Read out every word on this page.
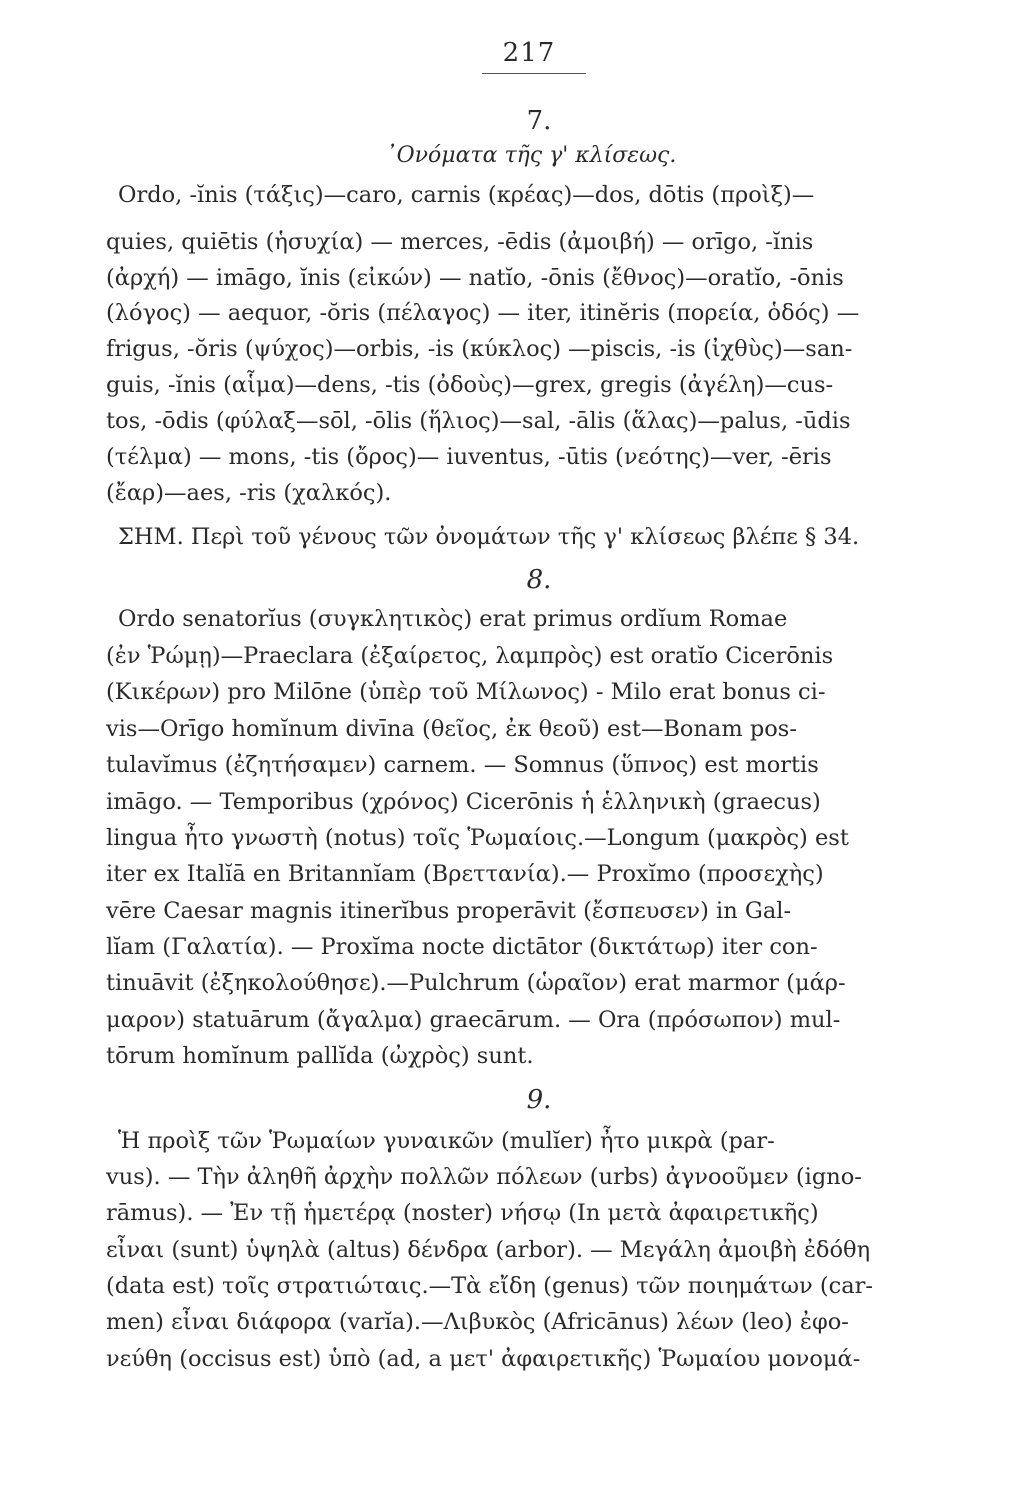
217
7.
᾿Ονόματα τῆς γ' κλίσεως.
Ordo, -ĭnis (τάξις)—caro, carnis (κρέας)—dos, dōtis (προὶξ)—
quies, quiētis (ἡσυχία) — merces, -ēdis (ἀμοιβή) — orīgo, -ĭnis
(ἀρχή) — imāgo, ĭnis (εἰκών) — natĭo, -ōnis (ἔθνος)—oratĭo, -ōnis
(λόγος) — aequor, -ŏris (πέλαγος) — iter, itinĕris (πορεία, ὁδός) —
frigus, -ŏris (ψύχος)—orbis, -is (κύκλος) —piscis, -is (ἰχθὺς)—san-
guis, -ĭnis (αἷμα)—dens, -tis (ὀδοὺς)—grex, gregis (ἀγέλη)—cus-
tos, -ōdis (φύλαξ—sōl, -ōlis (ἥλιος)—sal, -ālis (ἅλας)—palus, -ūdis
(τέλμα) — mons, -tis (ὄρος)— iuventus, -ūtis (νεότης)—ver, -ēris
(ἔαρ)—aes, -ris (χαλκός).
ΣΗΜ. Περὶ τοῦ γένους τῶν ὀνομάτων τῆς γ' κλίσεως βλέπε § 34.
8.
Ordo senatorĭus (συγκλητικὸς) erat primus ordĭum Romae
(ἐν Ῥώμῃ)—Praeclara (ἐξαίρετος, λαμπρὸς) est oratĭo Cicerōnis
(Κικέρων) pro Milōne (ὑπὲρ τοῦ Μίλωνος) - Milo erat bonus ci-
vis—Orīgo homĭnum divīna (θεῖος, ἐκ θεοῦ) est—Bonam pos-
tulavĭmus (ἐζητήσαμεν) carnem. — Somnus (ὕπνος) est mortis
imāgo. — Temporibus (χρόνος) Cicerōnis ἡ ἑλληνικὴ (graecus)
lingua ἦτο γνωστὴ (notus) τοῖς Ῥωμαίοις.—Longum (μακρὸς) est
iter ex Italĭā en Britannĭam (Βρεττανία).— Proxĭmo (προσεχὴς)
vēre Caesar magnis itinerĭbus properāvit (ἔσπευσεν) in Gal-
lĭam (Γαλατία). — Proxĭma nocte dictātor (δικτάτωρ) iter con-
tinuāvit (ἐξηκολούθησε).—Pulchrum (ὡραῖον) erat marmor (μάρ-
μαρον) statuārum (ἄγαλμα) graecārum. — Ora (πρόσωπον) mul-
tōrum homĭnum pallĭda (ὠχρὸς) sunt.
9.
Ἡ προὶξ τῶν Ῥωμαίων γυναικῶν (mulĭer) ἦτο μικρὰ (par-
vus). — Τὴν ἀληθῆ ἀρχὴν πολλῶν πόλεων (urbs) ἀγνοοῦμεν (igno-
rāmus). — Ἐν τῇ ἡμετέρᾳ (noster) νήσῳ (In μετὰ ἀφαιρετικῆς)
εἶναι (sunt) ὑψηλὰ (altus) δένδρα (arbor). — Μεγάλη ἀμοιβὴ ἐδόθη
(data est) τοῖς στρατιώταις.—Τὰ εἴδη (genus) τῶν ποιημάτων (car-
men) εἶναι διάφορα (varĭa).—Λιβυκὸς (Africānus) λέων (leo) ἐφο-
νεύθη (occisus est) ὑπὸ (ad, a μετ' ἀφαιρετικῆς) Ῥωμαίου μονομά-
